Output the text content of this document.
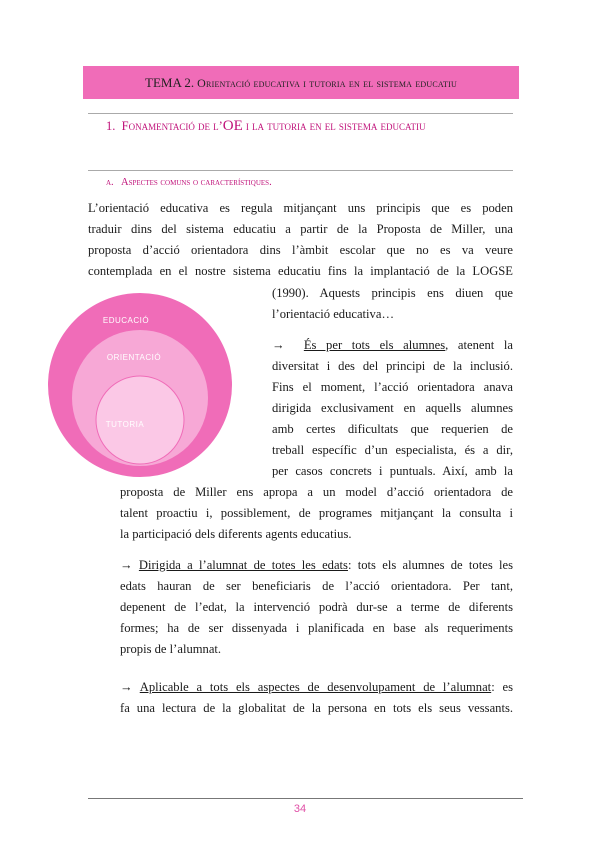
TEMA 2. Orientació educativa i tutoria en el sistema educatiu
1. Fonamentació de l’OE i la tutoria en el sistema educatiu
a. Aspectes comuns o característiques.
L’orientació educativa es regula mitjançant uns principis que es poden
traduir dins del sistema educatiu a partir de la Proposta de Miller, una
proposta d’acció orientadora dins l’àmbit escolar que no es va veure
contemplada en el nostre sistema educatiu fins la implantació de la LOGSE
(1990). Aquests principis ens diuen que
l’orientació educativa…
EDUCACIÓ
ORIENTACIÓ
TUTORIA
→ És per tots els alumnes, atenent la
diversitat i des del principi de la inclusió.
Fins el moment, l’acció orientadora anava
dirigida exclusivament en aquells alumnes
amb certes dificultats que requerien de
treball específic d’un especialista, és a dir,
per casos concrets i puntuals. Així, amb la
proposta de Miller ens apropa a un model d’acció orientadora de
talent proactiu i, possiblement, de programes mitjançant la consulta i
la participació dels diferents agents educatius.
→ Dirigida a l’alumnat de totes les edats: tots els alumnes de totes les
edats hauran de ser beneficiaris de l’acció orientadora. Per tant,
depenent de l’edat, la intervenció podrà dur-se a terme de diferents
formes; ha de ser dissenyada i planificada en base als requeriments
propis de l’alumnat.
→ Aplicable a tots els aspectes de desenvolupament de l’alumnat: es
fa una lectura de la globalitat de la persona en tots els seus vessants.
34
